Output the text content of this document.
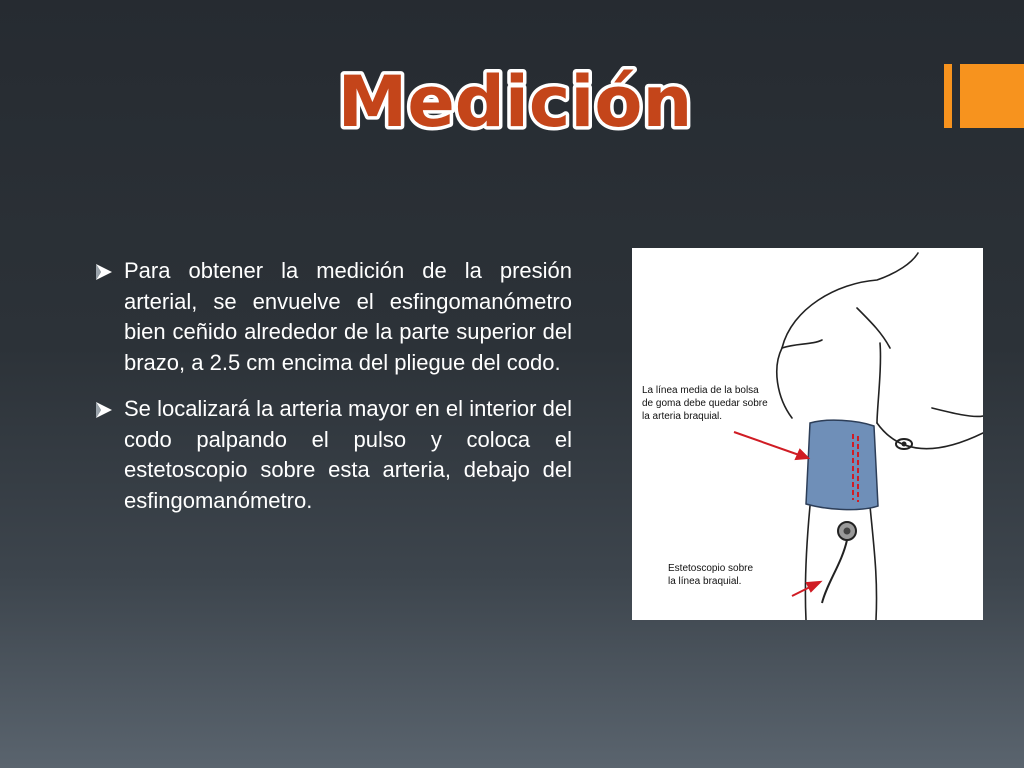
Medición
Para obtener la medición de la presión arterial, se envuelve el esfingomanómetro bien ceñido alrededor de la parte superior del brazo, a 2.5 cm encima del pliegue del codo.
Se localizará la arteria mayor en el interior del codo palpando el pulso y coloca el estetoscopio sobre esta arteria, debajo del esfingomanómetro.
La línea media de la bolsa
de goma debe quedar sobre
la arteria braquial.
Estetoscopio sobre
la línea braquial.
